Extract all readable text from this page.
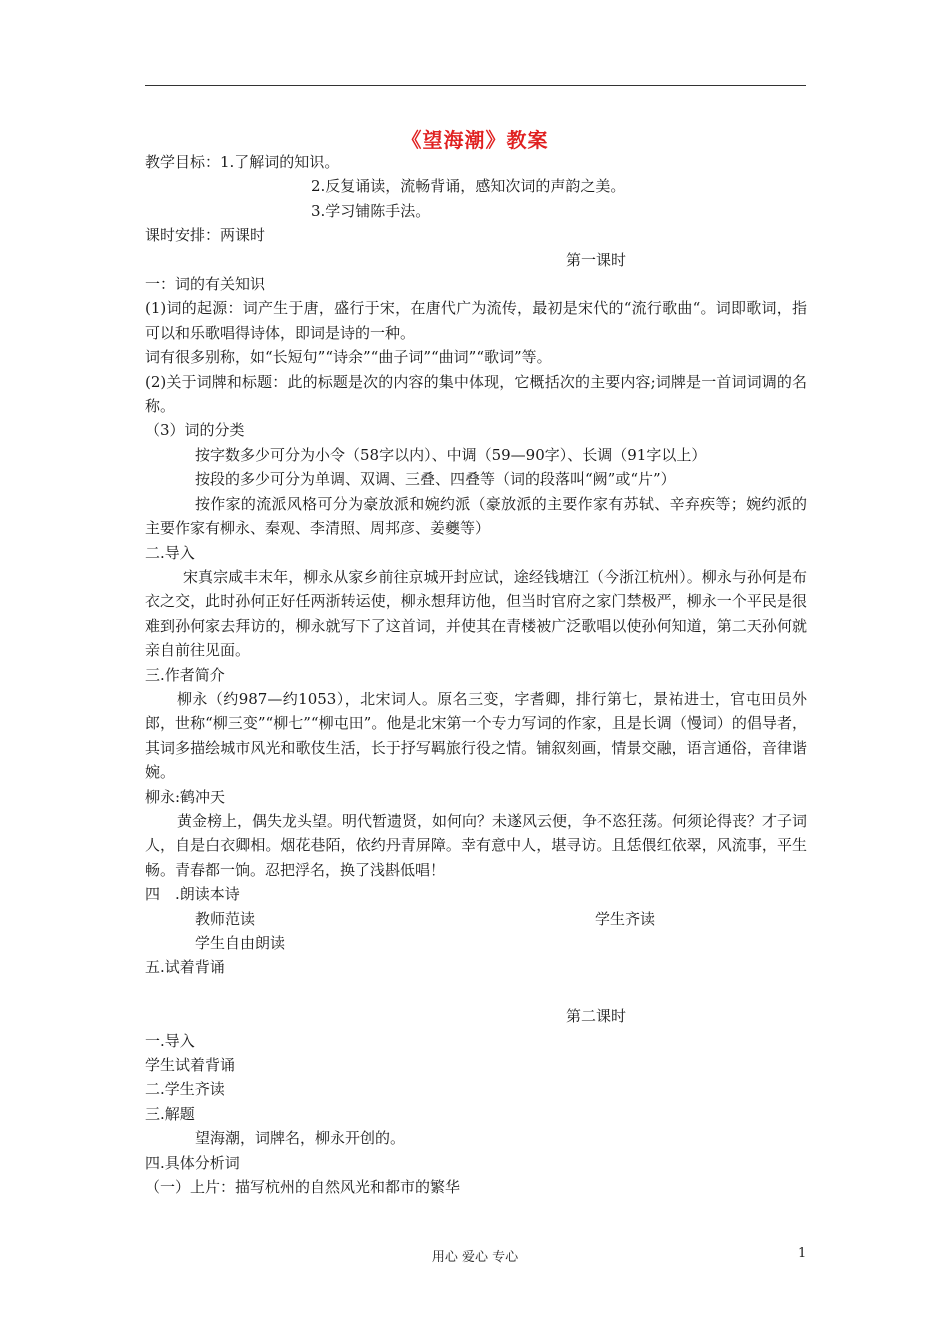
《望海潮》教案
教学目标：1.了解词的知识。
2.反复诵读，流畅背诵，感知次词的声韵之美。
3.学习铺陈手法。
课时安排：两课时
第一课时
一：词的有关知识
(1)词的起源：词产生于唐，盛行于宋，在唐代广为流传，最初是宋代的“流行歌曲“。词即歌词，指可以和乐歌唱得诗体，即词是诗的一种。
词有很多别称，如“长短句”“诗余”“曲子词”“曲词”“歌词”等。
(2)关于词牌和标题：此的标题是次的内容的集中体现，它概括次的主要内容;词牌是一首词词调的名称。
（3）词的分类
按字数多少可分为小令（58字以内）、中调（59—90字）、长调（91字以上）
按段的多少可分为单调、双调、三叠、四叠等（词的段落叫“阙”或“片”）
按作家的流派风格可分为豪放派和婉约派（豪放派的主要作家有苏轼、辛弃疾等；婉约派的主要作家有柳永、秦观、李清照、周邦彦、姜夔等）
二.导入
宋真宗咸丰末年，柳永从家乡前往京城开封应试，途经钱塘江（今浙江杭州）。柳永与孙何是布衣之交，此时孙何正好任两浙转运使，柳永想拜访他，但当时官府之家门禁极严，柳永一个平民是很难到孙何家去拜访的，柳永就写下了这首词，并使其在青楼被广泛歌唱以使孙何知道，第二天孙何就亲自前往见面。
三.作者简介
柳永（约987—约1053），北宋词人。原名三变，字耆卿，排行第七，景祐进士，官屯田员外郎，世称“柳三变”“柳七”“柳屯田”。他是北宋第一个专力写词的作家，且是长调（慢词）的倡导者，其词多描绘城市风光和歌伎生活，长于抒写羁旅行役之情。铺叙刻画，情景交融，语言通俗，音律谐婉。
柳永:鹤冲天
黄金榜上，偶失龙头望。明代暂遗贤，如何向？未遂风云便，争不恣狂荡。何须论得丧？才子词人，自是白衣卿相。烟花巷陌，依约丹青屏障。幸有意中人，堪寻访。且恁偎红依翠，风流事，平生畅。青春都一饷。忍把浮名，换了浅斟低唱！
四　.朗读本诗
教师范读	学生齐读
学生自由朗读
五.试着背诵
第二课时
一.导入
学生试着背诵
二.学生齐读
三.解题
望海潮，词牌名，柳永开创的。
四.具体分析词
（一）上片：描写杭州的自然风光和都市的繁华
用心 爱心 专心	1
